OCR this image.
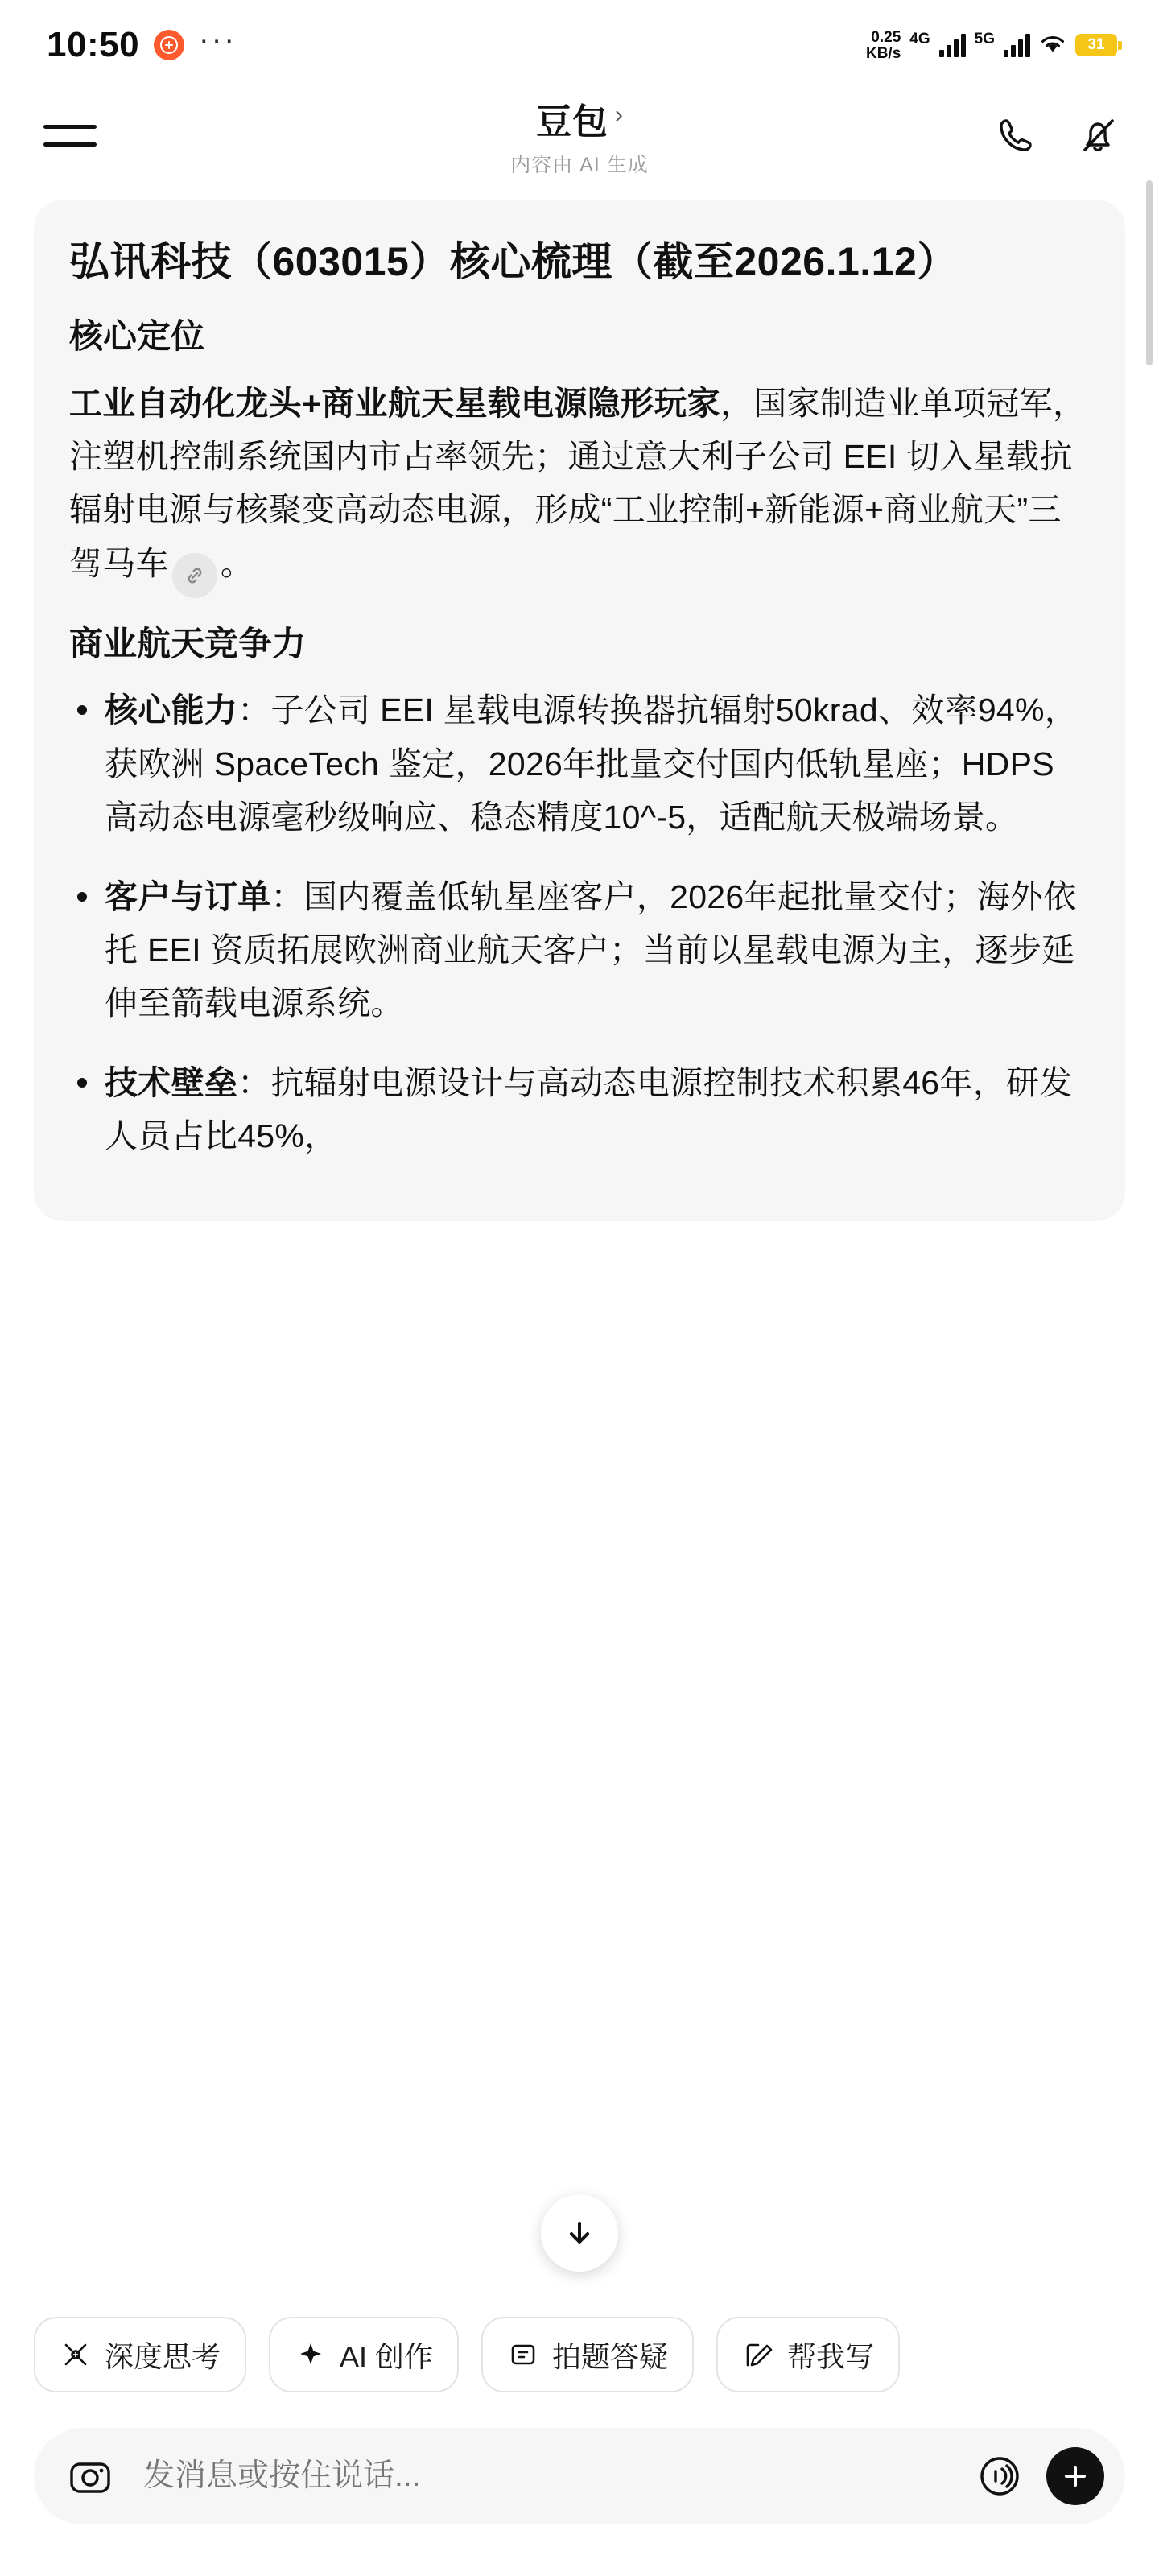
10:50 ···	0.25
KB/s
4G	5G	31
豆包 ›
内容由 AI 生成
弘讯科技（603015）核心梳理（截至2026.1.12）
核心定位

工业自动化龙头+商业航天星载电源隐形玩家，国家制造业单项冠军，注塑机控制系统国内市占率领先；通过意大利子公司 EEI 切入星载抗辐射电源与核聚变高动态电源，形成“工业控制+新能源+商业航天”三驾马车 。

商业航天竞争力
核心能力：子公司 EEI 星载电源转换器抗辐射50krad、效率94%，获欧洲 SpaceTech 鉴定，2026年批量交付国内低轨星座；HDPS 高动态电源毫秒级响应、稳态精度10^-5，适配航天极端场景。
客户与订单：国内覆盖低轨星座客户，2026年起批量交付；海外依托 EEI 资质拓展欧洲商业航天客户；当前以星载电源为主，逐步延伸至箭载电源系统。
技术壁垒：抗辐射电源设计与高动态电源控制技术积累46年，研发人员占比45%，
深度思考	AI 创作	拍题答疑	帮我写
发消息或按住说话...
